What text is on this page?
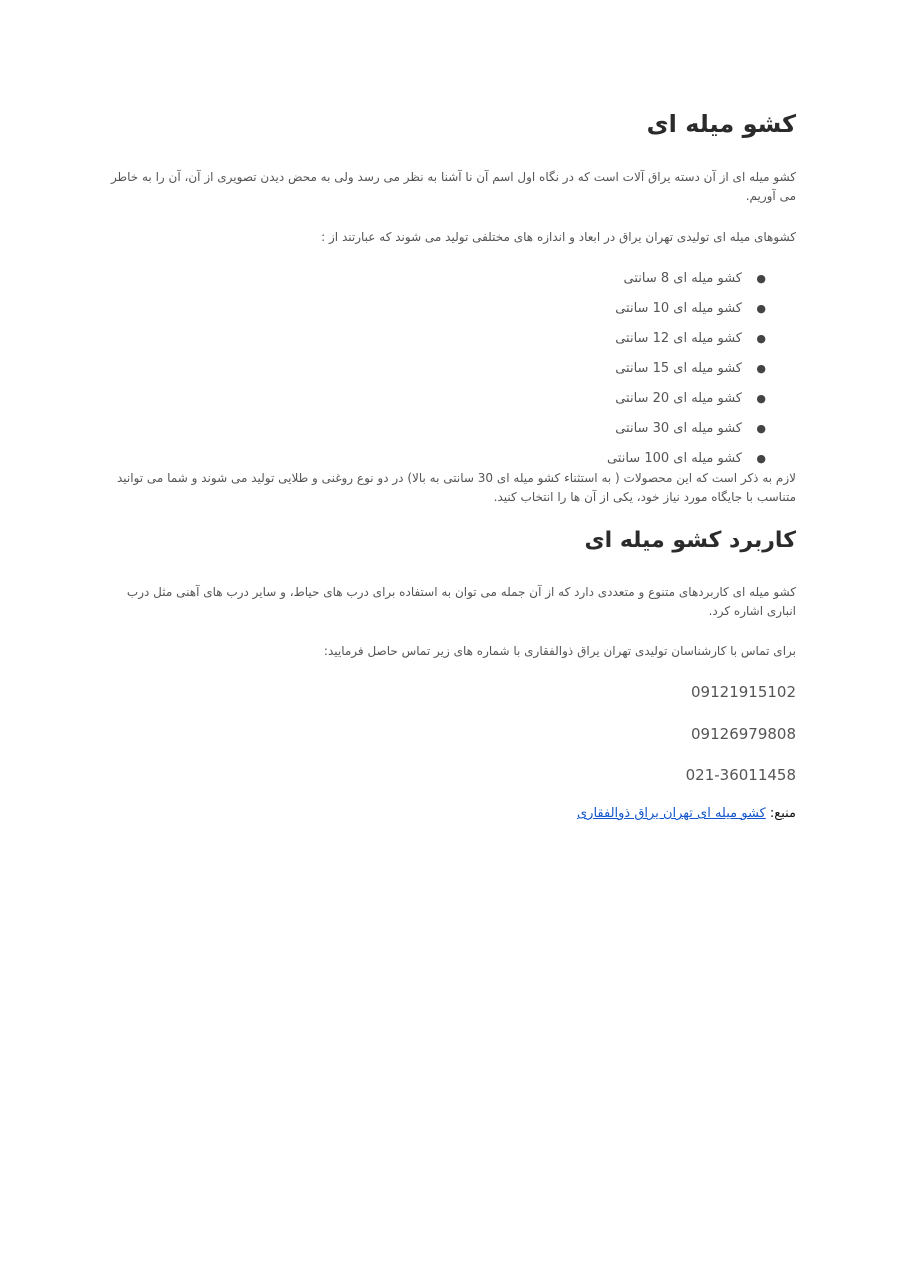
کشو میله ای

کشو میله ای از آن دسته یراق آلات است که در نگاه اول اسم آن نا آشنا به نظر می رسد ولی به محض دیدن تصویری از آن، آن را به خاطر می آوریم.

کشوهای میله ای تولیدی تهران یراق در ابعاد و اندازه های مختلفی تولید می شوند که عبارتند از :

●
کشو میله ای 8 سانتی
●
کشو میله ای 10 سانتی
●
کشو میله ای 12 سانتی
●
کشو میله ای 15 سانتی
●
کشو میله ای 20 سانتی
●
کشو میله ای 30 سانتی
●
کشو میله ای 100 سانتی

لازم به ذکر است که این محصولات ( به استثناء کشو میله ای 30 سانتی به بالا) در دو نوع روغنی و طلایی تولید می شوند و شما می توانید متناسب با جایگاه مورد نیاز خود، یکی از آن ها را انتخاب کنید.

کاربرد کشو میله ای

کشو میله ای کاربردهای متنوع و متعددی دارد که از آن جمله می توان به استفاده برای درب های حیاط، و سایر درب های آهنی مثل درب انباری اشاره کرد.

برای تماس با کارشناسان تولیدی تهران یراق ذوالفقاری با شماره های زیر تماس حاصل فرمایید:

09121915102
09126979808
021-36011458
منبع: کشو میله ای تهران یراق ذوالفقاری
